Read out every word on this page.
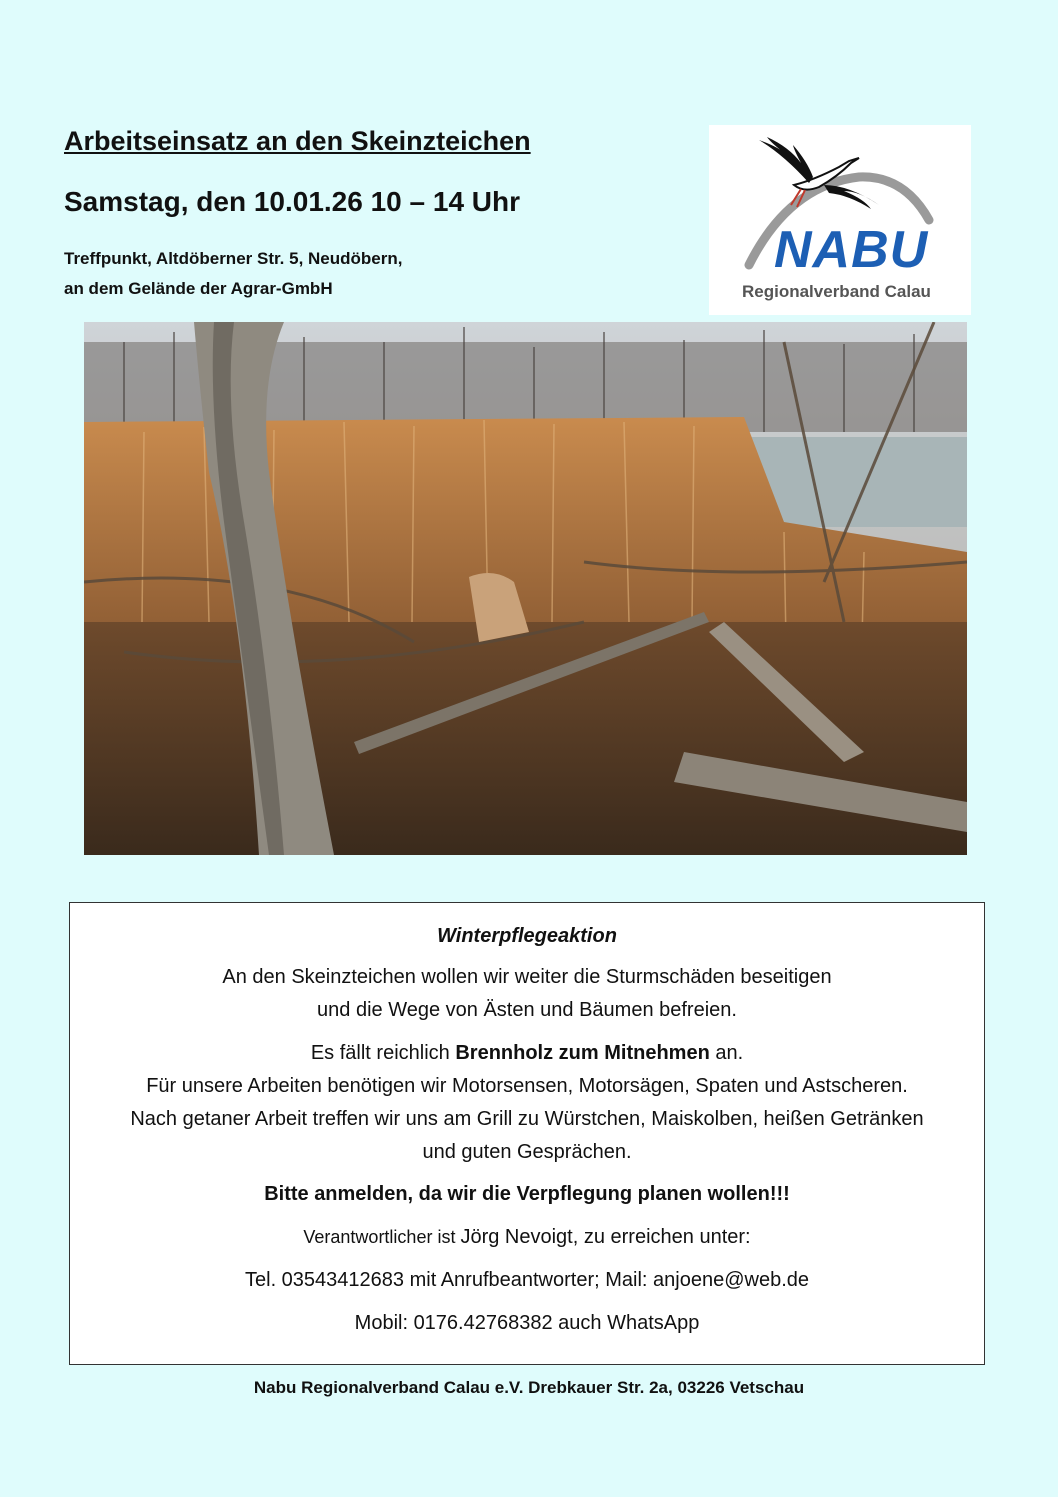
Arbeitseinsatz an den Skeinzteichen
Samstag, den 10.01.26 10 – 14 Uhr
Treffpunkt, Altdöberner Str. 5, Neudöbern,
an dem Gelände der Agrar-GmbH
NABU
Regionalverband Calau

Winterpflegeaktion

An den Skeinzteichen wollen wir weiter die Sturmschäden beseitigen

und die Wege von Ästen und Bäumen befreien.

Es fällt reichlich Brennholz zum Mitnehmen an.

Für unsere Arbeiten benötigen wir Motorsensen, Motorsägen, Spaten und Astscheren.

Nach getaner Arbeit treffen wir uns am Grill zu Würstchen, Maiskolben, heißen Getränken

und guten Gesprächen.

Bitte anmelden, da wir die Verpflegung planen wollen!!!

Verantwortlicher ist Jörg Nevoigt, zu erreichen unter:

Tel. 03543412683 mit Anrufbeantworter; Mail: anjoene@web.de

Mobil: 0176.42768382 auch WhatsApp

Nabu Regionalverband Calau e.V. Drebkauer Str. 2a, 03226 Vetschau
